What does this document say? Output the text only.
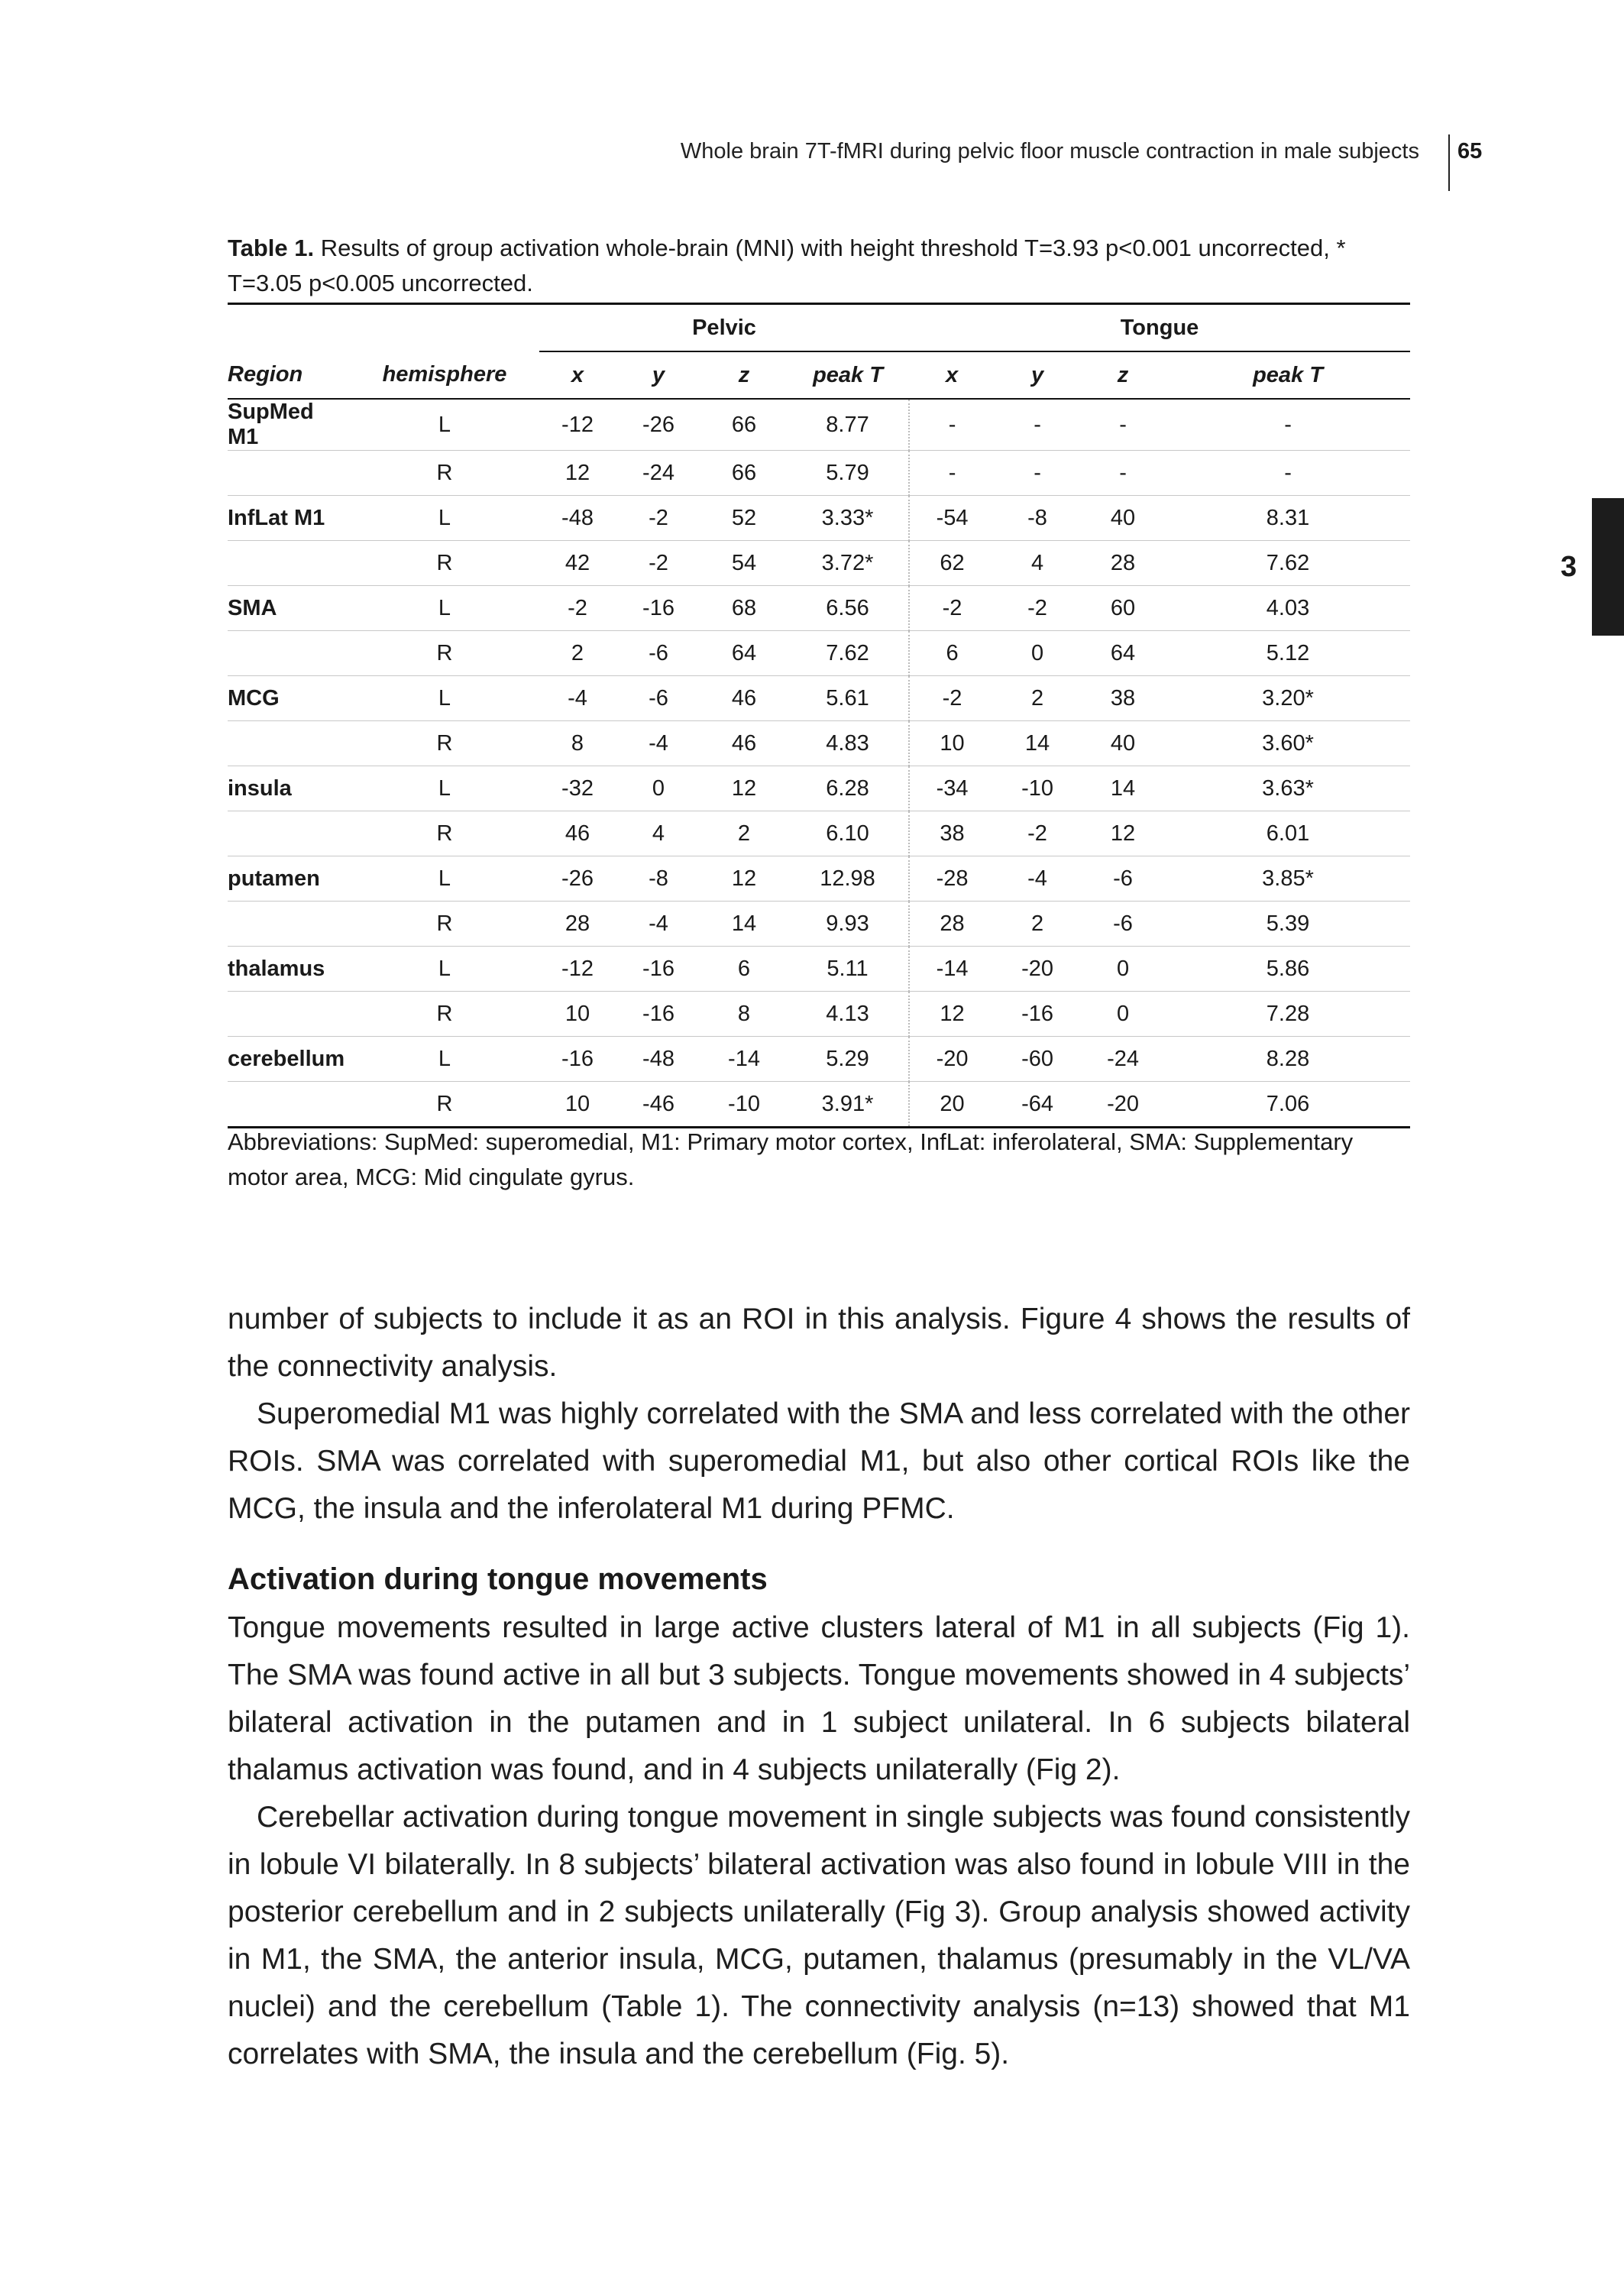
Whole brain 7T-fMRI during pelvic floor muscle contraction in male subjects	65
3
Table 1. Results of group activation whole-brain (MNI) with height threshold T=3.93 p<0.001 uncorrected, * T=3.05 p<0.005 uncorrected.
		Pelvic				Tongue			
Region	hemisphere	x	y	z	peak T	x	y	z	peak T
SupMed M1	L	-12	-26	66	8.77	-	-	-	-
	R	12	-24	66	5.79	-	-	-	-
InfLat M1	L	-48	-2	52	3.33*	-54	-8	40	8.31
	R	42	-2	54	3.72*	62	4	28	7.62
SMA	L	-2	-16	68	6.56	-2	-2	60	4.03
	R	2	-6	64	7.62	6	0	64	5.12
MCG	L	-4	-6	46	5.61	-2	2	38	3.20*
	R	8	-4	46	4.83	10	14	40	3.60*
insula	L	-32	0	12	6.28	-34	-10	14	3.63*
	R	46	4	2	6.10	38	-2	12	6.01
putamen	L	-26	-8	12	12.98	-28	-4	-6	3.85*
	R	28	-4	14	9.93	28	2	-6	5.39
thalamus	L	-12	-16	6	5.11	-14	-20	0	5.86
	R	10	-16	8	4.13	12	-16	0	7.28
cerebellum	L	-16	-48	-14	5.29	-20	-60	-24	8.28
	R	10	-46	-10	3.91*	20	-64	-20	7.06
Abbreviations: SupMed: superomedial, M1: Primary motor cortex, InfLat: inferolateral, SMA: Supplementary motor area, MCG: Mid cingulate gyrus.

number of subjects to include it as an ROI in this analysis. Figure 4 shows the results of the connectivity analysis.

Superomedial M1 was highly correlated with the SMA and less correlated with the other ROIs. SMA was correlated with superomedial M1, but also other cortical ROIs like the MCG, the insula and the inferolateral M1 during PFMC.

Activation during tongue movements

Tongue movements resulted in large active clusters lateral of M1 in all subjects (Fig 1). The SMA was found active in all but 3 subjects. Tongue movements showed in 4 subjects’ bilateral activation in the putamen and in 1 subject unilateral. In 6 subjects bilateral thalamus activation was found, and in 4 subjects unilaterally (Fig 2).

Cerebellar activation during tongue movement in single subjects was found consistently in lobule VI bilaterally. In 8 subjects’ bilateral activation was also found in lobule VIII in the posterior cerebellum and in 2 subjects unilaterally (Fig 3). Group analysis showed activity in M1, the SMA, the anterior insula, MCG, putamen, thalamus (presumably in the VL/VA nuclei) and the cerebellum (Table 1). The connectivity analysis (n=13) showed that M1 correlates with SMA, the insula and the cerebellum (Fig. 5).
